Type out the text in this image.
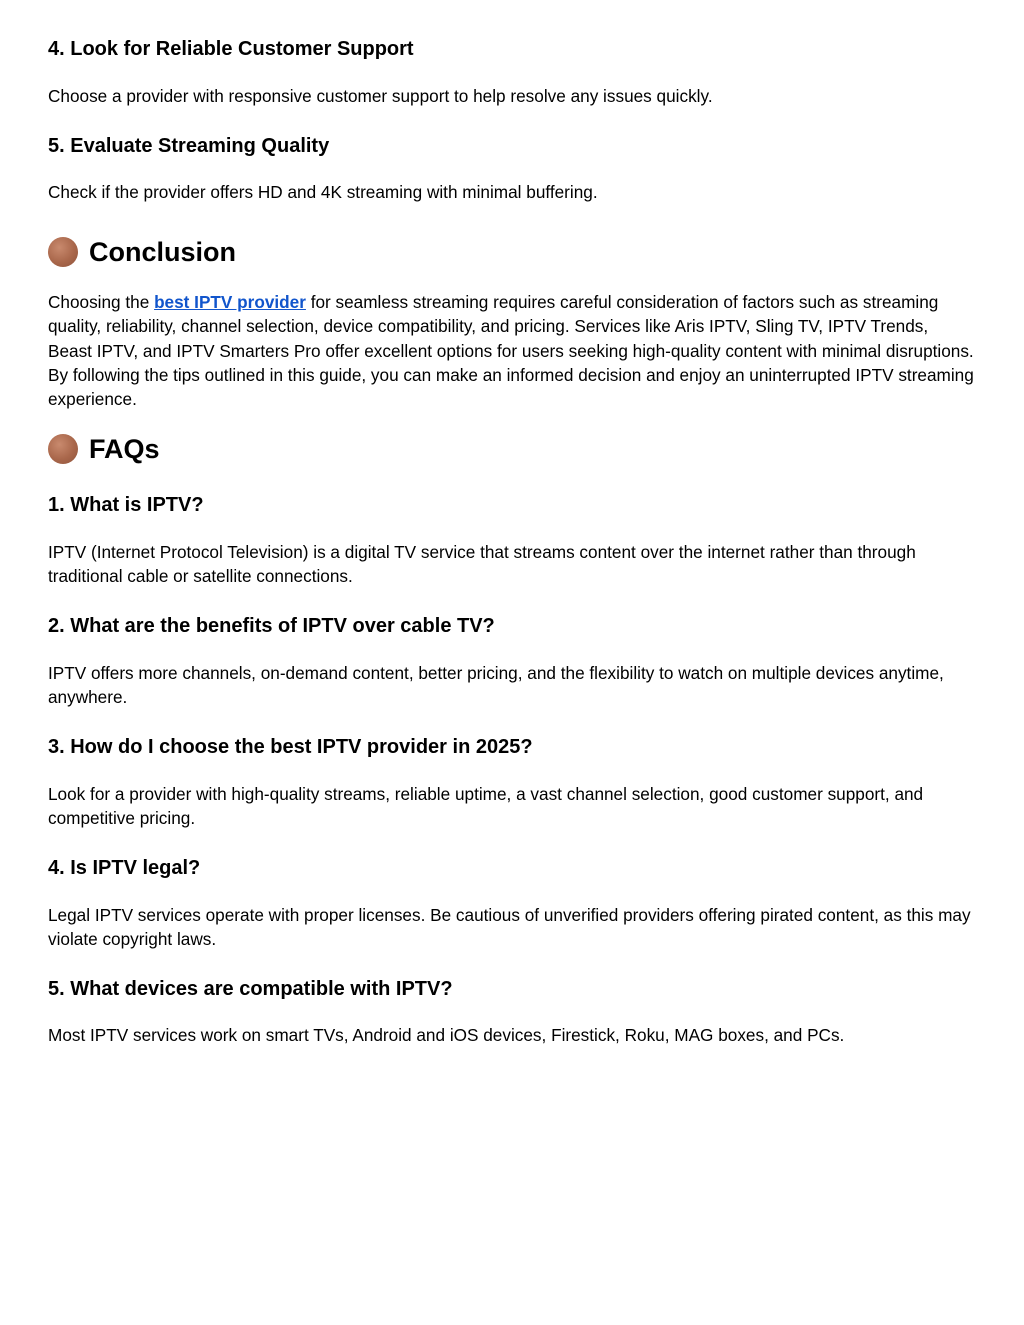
4. Look for Reliable Customer Support

Choose a provider with responsive customer support to help resolve any issues quickly.

5. Evaluate Streaming Quality

Check if the provider offers HD and 4K streaming with minimal buffering.

Conclusion

Choosing the best IPTV provider for seamless streaming requires careful consideration of factors such as streaming quality, reliability, channel selection, device compatibility, and pricing. Services like Aris IPTV, Sling TV, IPTV Trends, Beast IPTV, and IPTV Smarters Pro offer excellent options for users seeking high-quality content with minimal disruptions. By following the tips outlined in this guide, you can make an informed decision and enjoy an uninterrupted IPTV streaming experience.

FAQs
1. What is IPTV?

IPTV (Internet Protocol Television) is a digital TV service that streams content over the internet rather than through traditional cable or satellite connections.

2. What are the benefits of IPTV over cable TV?

IPTV offers more channels, on-demand content, better pricing, and the flexibility to watch on multiple devices anytime, anywhere.

3. How do I choose the best IPTV provider in 2025?

Look for a provider with high-quality streams, reliable uptime, a vast channel selection, good customer support, and competitive pricing.

4. Is IPTV legal?

Legal IPTV services operate with proper licenses. Be cautious of unverified providers offering pirated content, as this may violate copyright laws.

5. What devices are compatible with IPTV?

Most IPTV services work on smart TVs, Android and iOS devices, Firestick, Roku, MAG boxes, and PCs.
